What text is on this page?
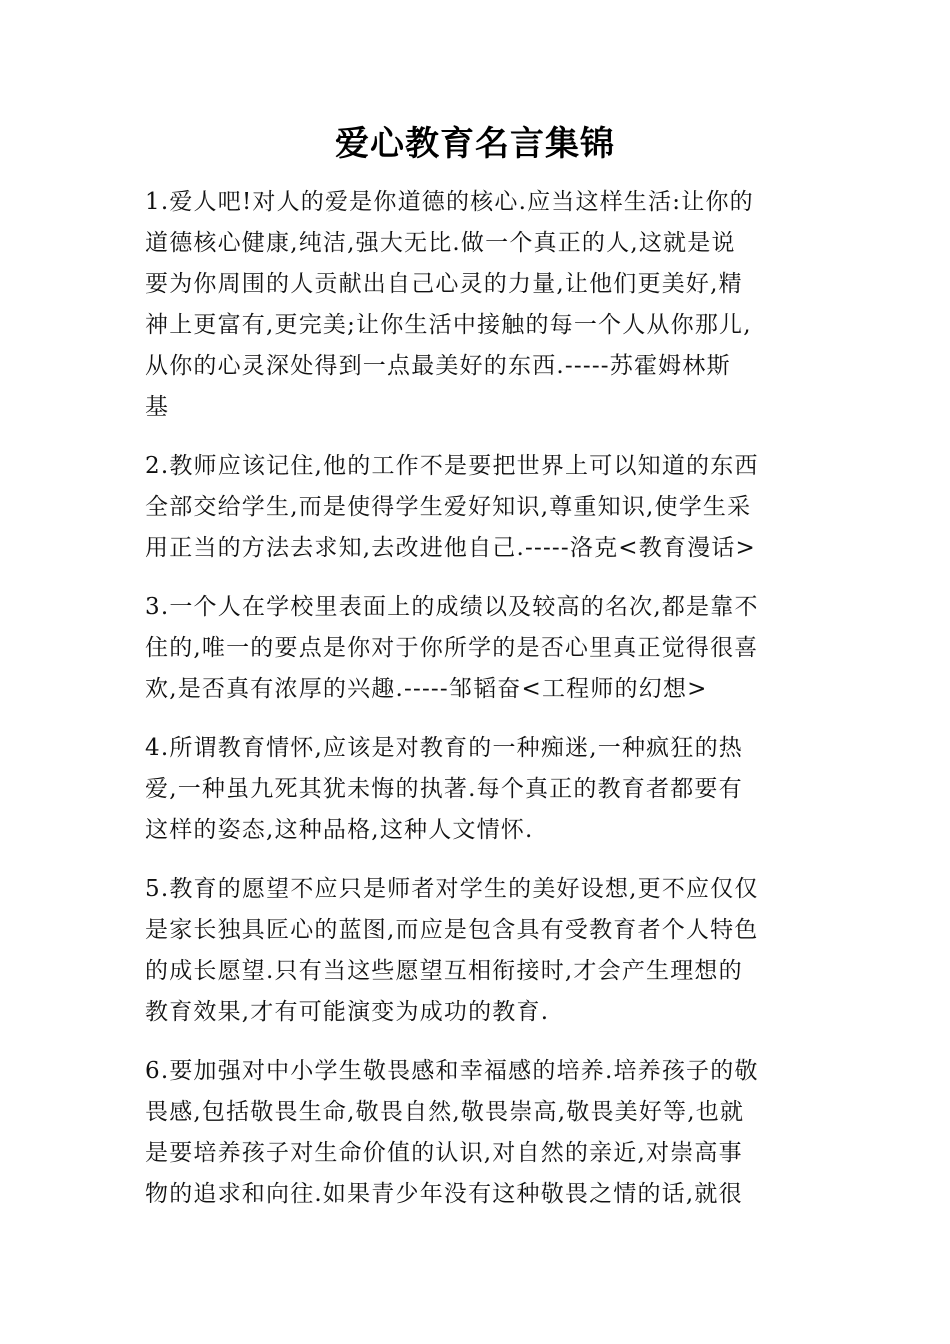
爱心教育名言集锦

1.爱人吧!对人的爱是你道德的核心.应当这样生活:让你的
道德核心健康,纯洁,强大无比.做一个真正的人,这就是说
要为你周围的人贡献出自己心灵的力量,让他们更美好,精
神上更富有,更完美;让你生活中接触的每一个人从你那儿,
从你的心灵深处得到一点最美好的东西.-----苏霍姆林斯
基

2.教师应该记住,他的工作不是要把世界上可以知道的东西
全部交给学生,而是使得学生爱好知识,尊重知识,使学生采
用正当的方法去求知,去改进他自己.-----洛克<教育漫话>

3.一个人在学校里表面上的成绩以及较高的名次,都是靠不
住的,唯一的要点是你对于你所学的是否心里真正觉得很喜
欢,是否真有浓厚的兴趣.-----邹韬奋<工程师的幻想>

4.所谓教育情怀,应该是对教育的一种痴迷,一种疯狂的热
爱,一种虽九死其犹未悔的执著.每个真正的教育者都要有
这样的姿态,这种品格,这种人文情怀.

5.教育的愿望不应只是师者对学生的美好设想,更不应仅仅
是家长独具匠心的蓝图,而应是包含具有受教育者个人特色
的成长愿望.只有当这些愿望互相衔接时,才会产生理想的
教育效果,才有可能演变为成功的教育.

6.要加强对中小学生敬畏感和幸福感的培养.培养孩子的敬
畏感,包括敬畏生命,敬畏自然,敬畏崇高,敬畏美好等,也就
是要培养孩子对生命价值的认识,对自然的亲近,对崇高事
物的追求和向往.如果青少年没有这种敬畏之情的话,就很
